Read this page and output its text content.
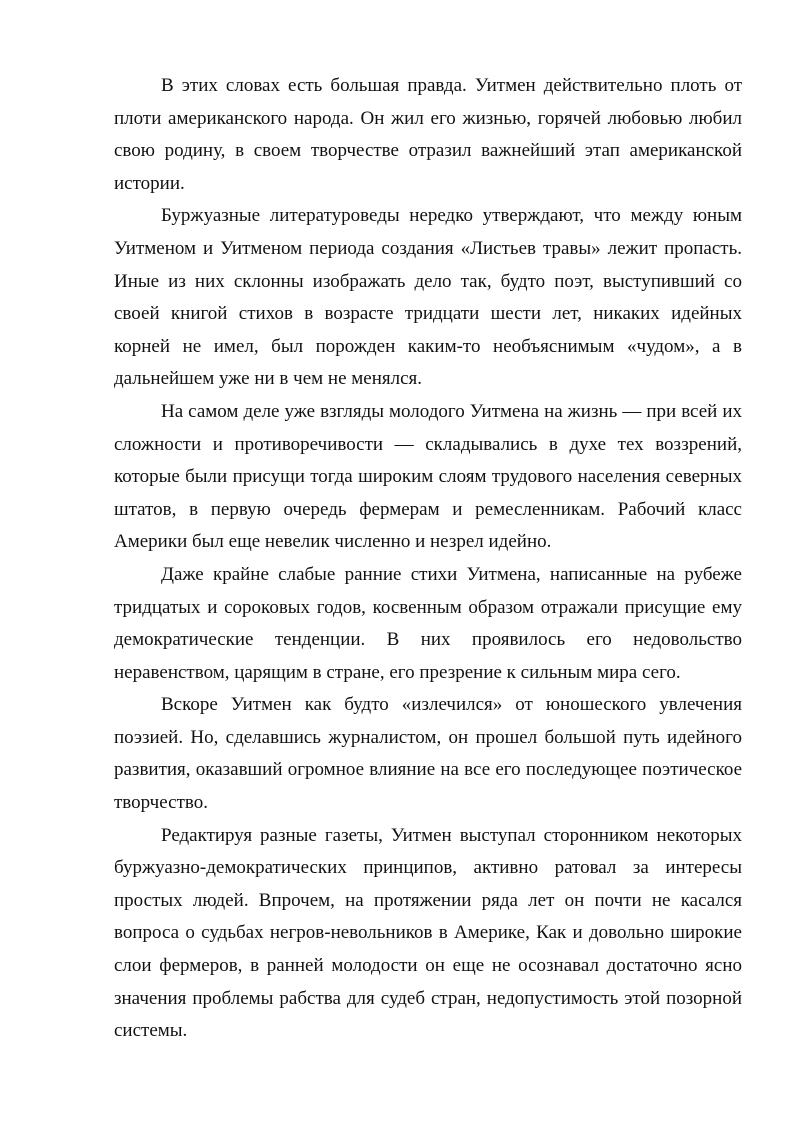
В этих словах есть большая правда. Уитмен действительно плоть от плоти американского народа. Он жил его жизнью, горячей любовью любил свою родину, в своем творчестве отразил важнейший этап американской истории.

Буржуазные литературоведы нередко утверждают, что между юным Уитменом и Уитменом периода создания «Листьев травы» лежит пропасть. Иные из них склонны изображать дело так, будто поэт, выступивший со своей книгой стихов в возрасте тридцати шести лет, никаких идейных корней не имел, был порожден каким-то необъяснимым «чудом», а в дальнейшем уже ни в чем не менялся.

На самом деле уже взгляды молодого Уитмена на жизнь — при всей их сложности и противоречивости — складывались в духе тех воззрений, которые были присущи тогда широким слоям трудового населения северных штатов, в первую очередь фермерам и ремесленникам. Рабочий класс Америки был еще невелик численно и незрел идейно.

Даже крайне слабые ранние стихи Уитмена, написанные на рубеже тридцатых и сороковых годов, косвенным образом отражали присущие ему демократические тенденции. В них проявилось его недовольство неравенством, царящим в стране, его презрение к сильным мира сего.

Вскоре Уитмен как будто «излечился» от юношеского увлечения поэзией. Но, сделавшись журналистом, он прошел большой путь идейного развития, оказавший огромное влияние на все его последующее поэтическое творчество.

Редактируя разные газеты, Уитмен выступал сторонником некоторых буржуазно-демократических принципов, активно ратовал за интересы простых людей. Впрочем, на протяжении ряда лет он почти не касался вопроса о судьбах негров-невольников в Америке, Как и довольно широкие слои фермеров, в ранней молодости он еще не осознавал достаточно ясно значения проблемы рабства для судеб стран, недопустимость этой позорной системы.
